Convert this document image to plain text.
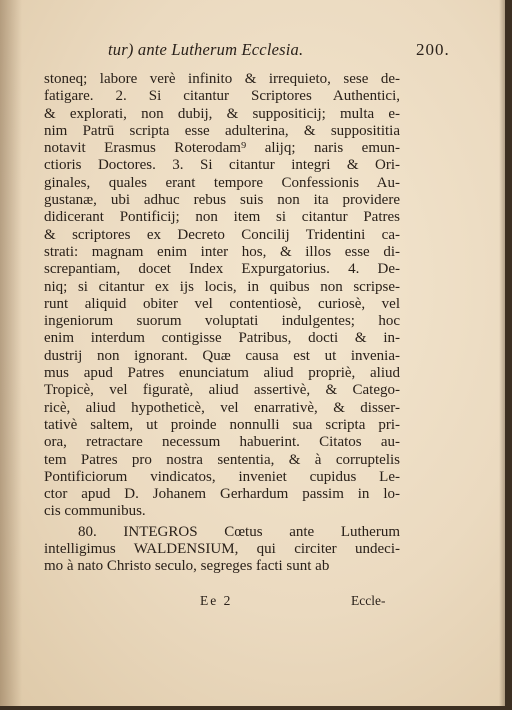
tur) ante Lutherum Ecclesia.	200.
stoneq; labore verè infinito & irrequieto, sese de-
fatigare. 2. Si citantur Scriptores Authentici,
& explorati, non dubij, & suppositicij; multa e-
nim Patrū scripta esse adulterina, & supposititia
notavit Erasmus Roterodam⁹ alijq; naris emun-
ctioris Doctores. 3. Si citantur integri & Ori-
ginales, quales erant tempore Confessionis Au-
gustanæ, ubi adhuc rebus suis non ita providere
didicerant Pontificij; non item si citantur Patres
& scriptores ex Decreto Concilij Tridentini ca-
strati: magnam enim inter hos, & illos esse di-
screpantiam, docet Index Expurgatorius. 4. De-
niq; si citantur ex ijs locis, in quibus non scripse-
runt aliquid obiter vel contentiosè, curiosè, vel
ingeniorum suorum voluptati indulgentes; hoc
enim interdum contigisse Patribus, docti & in-
dustrij non ignorant. Quæ causa est ut invenia-
mus apud Patres enunciatum aliud propriè, aliud
Tropicè, vel figuratè, aliud assertivè, & Catego-
ricè, aliud hypotheticè, vel enarrativè, & disser-
tativè saltem, ut proinde nonnulli sua scripta pri-
ora, retractare necessum habuerint. Citatos au-
tem Patres pro nostra sententia, & à corruptelis
Pontificiorum vindicatos, inveniet cupidus Le-
ctor apud D. Johanem Gerhardum passim in lo-
cis communibus.
80. INTEGROS Cœtus ante Lutherum
intelligimus WALDENSIUM, qui circiter undeci-
mo à nato Christo seculo, segreges facti sunt ab
Ee 2	Eccle-
